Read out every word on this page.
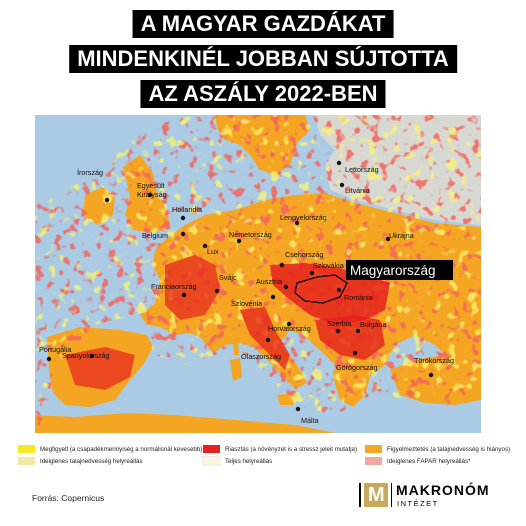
A MAGYAR GAZDÁKAT
MINDENKINÉL JOBBAN SÚJTOTTA
AZ ASZÁLY 2022-BEN
Írország
Egyesült
Királyság
Hollandia
Belgium
Lux
Németország
Lettország
Litvánia
Lengyelország
Ukrajna
Csehország
Szlovákia
Ausztria
Svájc
Franciaország
Szlovénia
Románia
Horvátország
Szerbia Bulgária
Portugália
Spanyolország	Olaszország
Görögország
Törökország
Málta
Magyarország
Megfigyelt (a csapadékmennyiség a normálisnál kevesebb)
Ideiglenes talajnedvesség helyreállás
Riasztás (a növényzet is a stressz jeleit mutatja)
Teljes helyreállás
Figyelmeztetés (a talajnedvesség is hiányos)
Ideiglenes FAPAR helyreállás*
Forrás: Copernicus	M MAKRONÓM
INTÉZET
